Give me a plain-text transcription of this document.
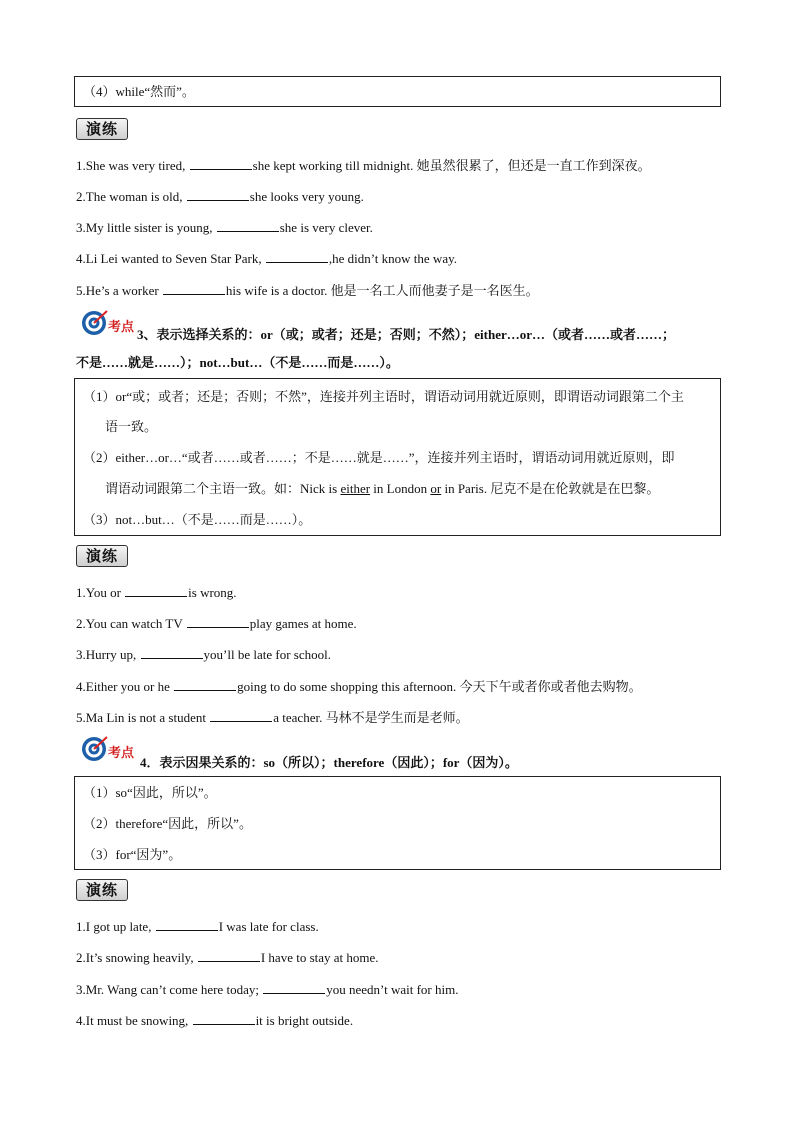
（4）while“然而”。

演练
1.She was very tired,	she kept working till midnight. 她虽然很累了，但还是一直工作到深夜。
2.The woman is old,	she looks very young.
3.My little sister is young,	she is very clever.
4.Li Lei wanted to Seven Star Park,	,he didn’t know the way.
5.He’s a worker	his wife is a doctor. 他是一名工人而他妻子是一名医生。
考点 3、表示选择关系的：or（或；或者；还是；否则；不然）；either…or…（或者……或者……；
不是……就是……）；not…but…（不是……而是……）。

（1）or“或；或者；还是；否则；不然”，连接并列主语时，谓语动词用就近原则，即谓语动词跟第二个主

语一致。

（2）either…or…“或者……或者……；不是……就是……”，连接并列主语时，谓语动词用就近原则，即

谓语动词跟第二个主语一致。如：Nick is either in London or in Paris. 尼克不是在伦敦就是在巴黎。

（3）not…but…（不是……而是……）。

演练
1.You or	is wrong.
2.You can watch TV	play games at home.
3.Hurry up,	you’ll be late for school.
4.Either you or he	going to do some shopping this afternoon. 今天下午或者你或者他去购物。
5.Ma Lin is not a student	a teacher. 马林不是学生而是老师。
考点
4．表示因果关系的：so（所以）；therefore（因此）；for（因为）。

（1）so“因此，所以”。

（2）therefore“因此，所以”。

（3）for“因为”。

演练
1.I got up late,	I was late for class.
2.It’s snowing heavily,	I have to stay at home.
3.Mr. Wang can’t come here today;	you needn’t wait for him.
4.It must be snowing,	it is bright outside.
